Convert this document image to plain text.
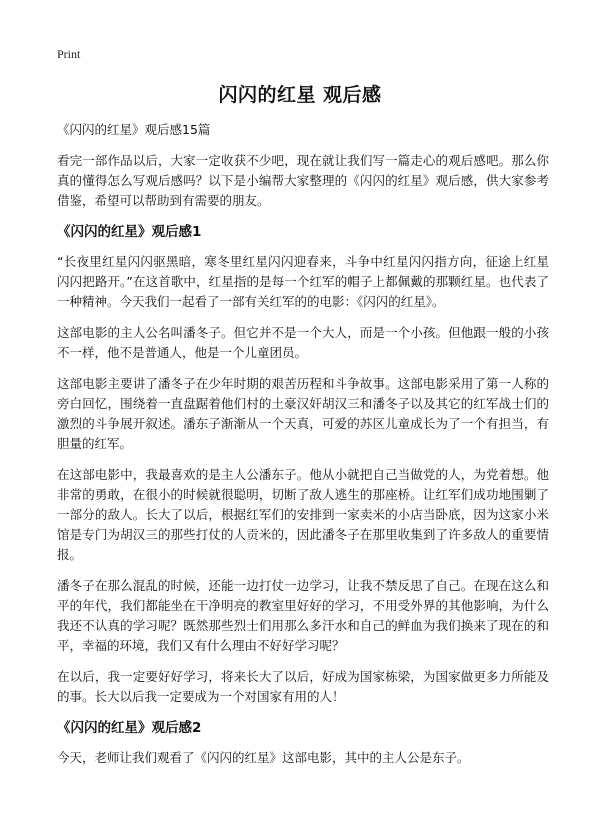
Print
闪闪的红星 观后感

《闪闪的红星》观后感15篇

看完一部作品以后，大家一定收获不少吧，现在就让我们写一篇走心的观后感吧。那么你真的懂得怎么写观后感吗？以下是小编帮大家整理的《闪闪的红星》观后感，供大家参考借鉴，希望可以帮助到有需要的朋友。

《闪闪的红星》观后感1

“长夜里红星闪闪驱黑暗，寒冬里红星闪闪迎春来，斗争中红星闪闪指方向，征途上红星闪闪把路开。”在这首歌中，红星指的是每一个红军的帽子上都佩戴的那颗红星。也代表了一种精神。今天我们一起看了一部有关红军的的电影：《闪闪的红星》。

这部电影的主人公名叫潘冬子。但它并不是一个大人，而是一个小孩。但他跟一般的小孩不一样，他不是普通人，他是一个儿童团员。

这部电影主要讲了潘冬子在少年时期的艰苦历程和斗争故事。这部电影采用了第一人称的旁白回忆，围绕着一直盘踞着他们村的土豪汉奸胡汉三和潘冬子以及其它的红军战士们的激烈的斗争展开叙述。潘东子渐渐从一个天真，可爱的苏区儿童成长为了一个有担当，有胆量的红军。

在这部电影中，我最喜欢的是主人公潘东子。他从小就把自己当做党的人，为党着想。他非常的勇敢，在很小的时候就很聪明，切断了敌人逃生的那座桥。让红军们成功地围剿了一部分的敌人。长大了以后，根据红军们的安排到一家卖米的小店当卧底，因为这家小米馆是专门为胡汉三的那些打仗的人贡米的，因此潘冬子在那里收集到了许多敌人的重要情报。

潘冬子在那么混乱的时候，还能一边打仗一边学习，让我不禁反思了自己。在现在这么和平的年代，我们都能坐在干净明亮的教室里好好的学习，不用受外界的其他影响，为什么我还不认真的学习呢？既然那些烈士们用那么多汗水和自己的鲜血为我们换来了现在的和平，幸福的环境，我们又有什么理由不好好学习呢？

在以后，我一定要好好学习，将来长大了以后，好成为国家栋梁，为国家做更多力所能及的事。长大以后我一定要成为一个对国家有用的人！

《闪闪的红星》观后感2

今天，老师让我们观看了《闪闪的红星》这部电影，其中的主人公是东子。
